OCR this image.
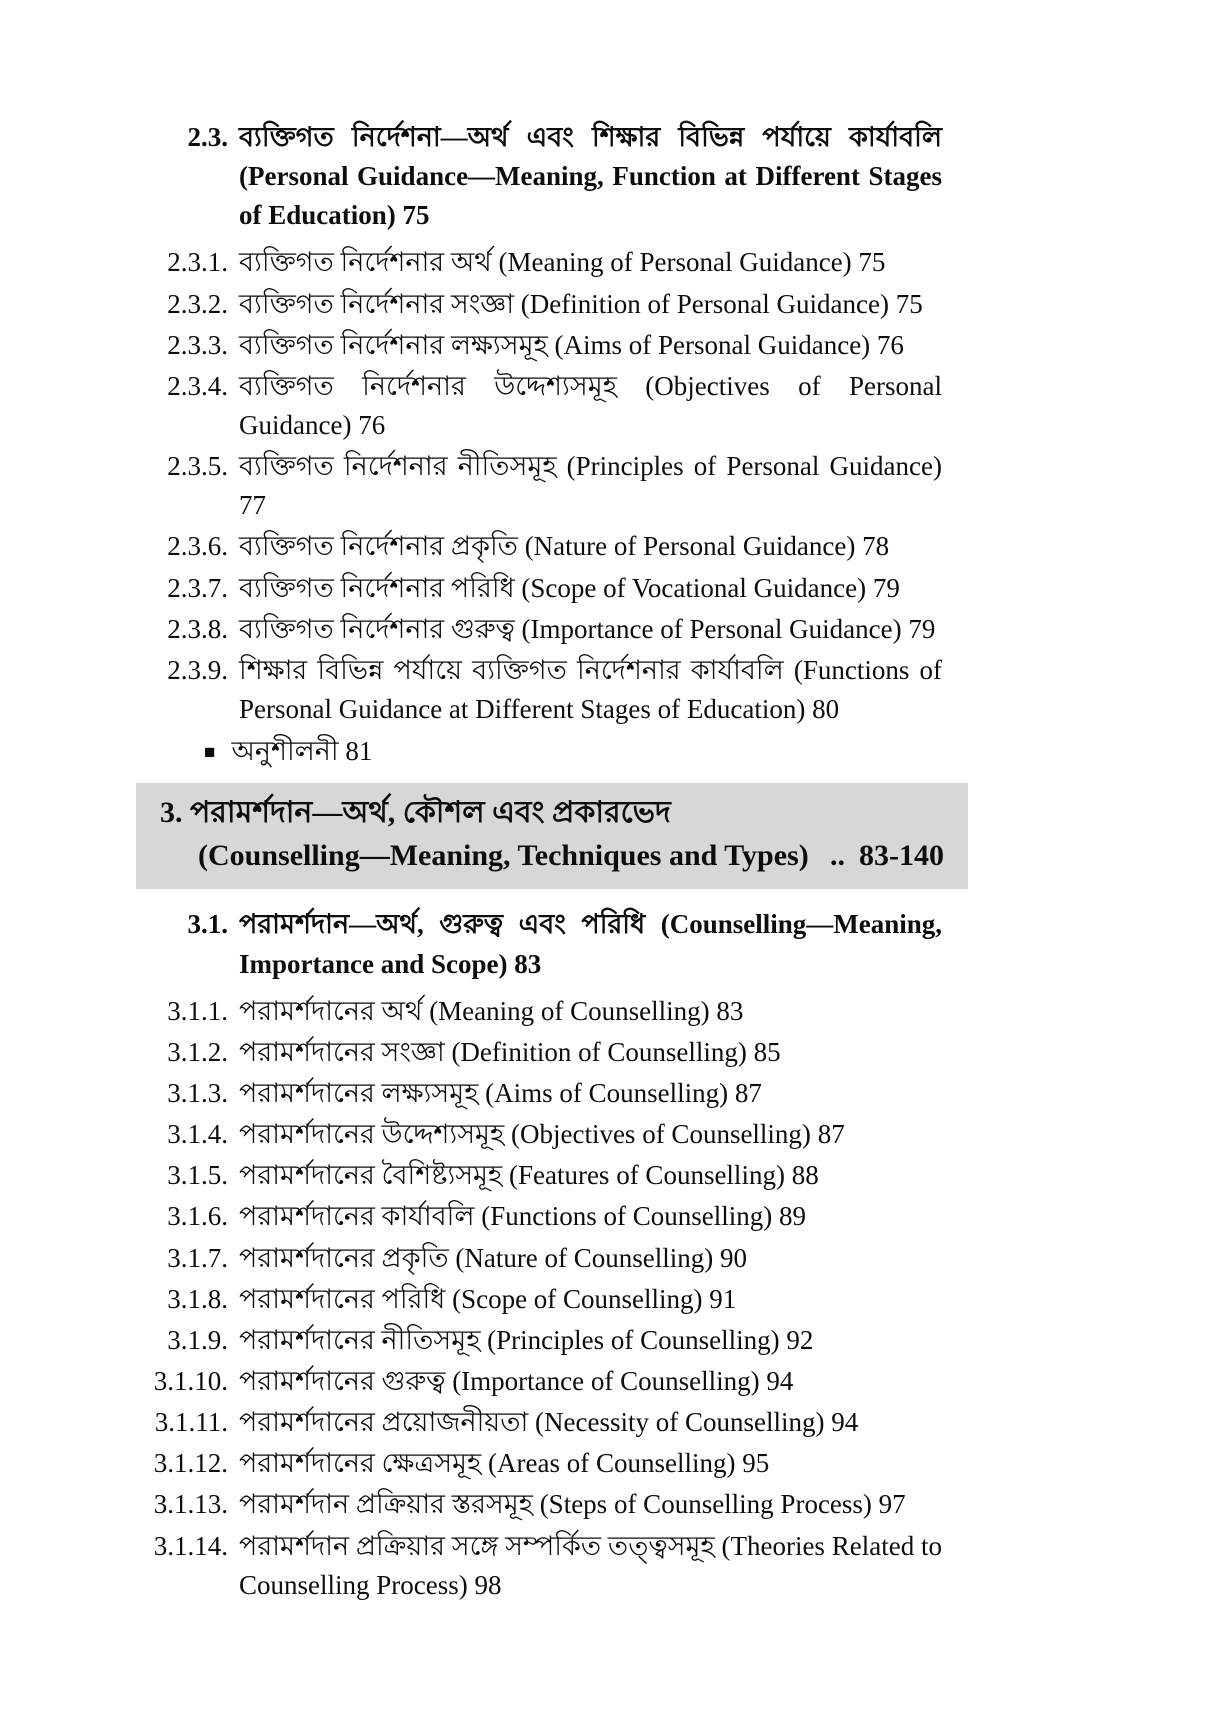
2.3. ব্যক্তিগত নির্দেশনা—অর্থ এবং শিক্ষার বিভিন্ন পর্যায়ে কার্যাবলি (Personal Guidance—Meaning, Function at Different Stages of Education) 75
2.3.1. ব্যক্তিগত নির্দেশনার অর্থ (Meaning of Personal Guidance) 75
2.3.2. ব্যক্তিগত নির্দেশনার সংজ্ঞা (Definition of Personal Guidance) 75
2.3.3. ব্যক্তিগত নির্দেশনার লক্ষ্যসমূহ (Aims of Personal Guidance) 76
2.3.4. ব্যক্তিগত নির্দেশনার উদ্দেশ্যসমূহ (Objectives of Personal Guidance) 76
2.3.5. ব্যক্তিগত নির্দেশনার নীতিসমূহ (Principles of Personal Guidance) 77
2.3.6. ব্যক্তিগত নির্দেশনার প্রকৃতি (Nature of Personal Guidance) 78
2.3.7. ব্যক্তিগত নির্দেশনার পরিধি (Scope of Vocational Guidance) 79
2.3.8. ব্যক্তিগত নির্দেশনার গুরুত্ব (Importance of Personal Guidance) 79
2.3.9. শিক্ষার বিভিন্ন পর্যায়ে ব্যক্তিগত নির্দেশনার কার্যাবলি (Functions of Personal Guidance at Different Stages of Education) 80
■ অনুশীলনী 81
3. পরামর্শদান—অর্থ, কৌশল এবং প্রকারভেদ
(Counselling—Meaning, Techniques and Types) .. 83-140
3.1. পরামর্শদান—অর্থ, গুরুত্ব এবং পরিধি (Counselling—Meaning, Importance and Scope) 83
3.1.1. পরামর্শদানের অর্থ (Meaning of Counselling) 83
3.1.2. পরামর্শদানের সংজ্ঞা (Definition of Counselling) 85
3.1.3. পরামর্শদানের লক্ষ্যসমূহ (Aims of Counselling) 87
3.1.4. পরামর্শদানের উদ্দেশ্যসমূহ (Objectives of Counselling) 87
3.1.5. পরামর্শদানের বৈশিষ্ট্যসমূহ (Features of Counselling) 88
3.1.6. পরামর্শদানের কার্যাবলি (Functions of Counselling) 89
3.1.7. পরামর্শদানের প্রকৃতি (Nature of Counselling) 90
3.1.8. পরামর্শদানের পরিধি (Scope of Counselling) 91
3.1.9. পরামর্শদানের নীতিসমূহ (Principles of Counselling) 92
3.1.10. পরামর্শদানের গুরুত্ব (Importance of Counselling) 94
3.1.11. পরামর্শদানের প্রয়োজনীয়তা (Necessity of Counselling) 94
3.1.12. পরামর্শদানের ক্ষেত্রসমূহ (Areas of Counselling) 95
3.1.13. পরামর্শদান প্রক্রিয়ার স্তরসমূহ (Steps of Counselling Process) 97
3.1.14. পরামর্শদান প্রক্রিয়ার সঙ্গে সম্পর্কিত তত্ত্বসমূহ (Theories Related to Counselling Process) 98
